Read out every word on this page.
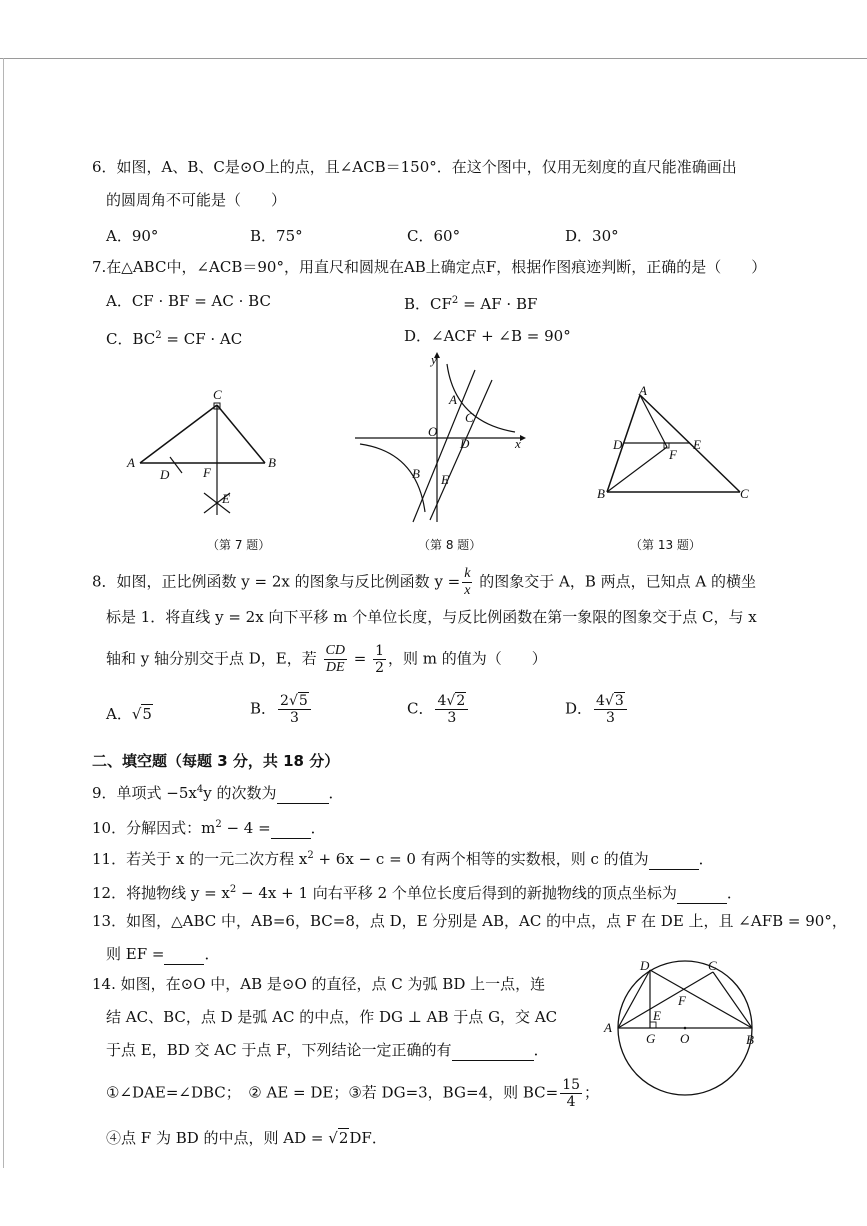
6．如图，A、B、C是⊙O上的点，且∠ACB＝150°．在这个图中，仅用无刻度的直尺能准确画出
的圆周角不可能是（　　）
A．90°	B．75°	C．60°	D．30°
7.在△ABC中，∠ACB＝90°，用直尺和圆规在AB上确定点F，根据作图痕迹判断，正确的是（　　）
A．CF · BF = AC · BC	B．$CF^2$ = AF · BF
C．$BC^2$ = CF · AC	D．∠ACF + ∠B = 90°
C
A
D	F
B
E
（第 7 题）
y
A
C
O
D	x
B E
（第 8 题）
A
D	E
F
B	C
（第 13 题）
8．如图，正比例函数 y = 2x 的图象与反比例函数 $y = \frac{k}{x}$ 的图象交于 A，B 两点，已知点 A 的横坐
标是 1．将直线 y = 2x 向下平移 m 个单位长度，与反比例函数在第一象限的图象交于点 C，与 x
轴和 y 轴分别交于点 D，E，若 $\frac{CD}{DE} = \frac{1}{2}$ ，则 m 的值为（　　）
A．√5	B． $\frac{2√5}{3}$	C． $\frac{4√2}{3}$	D． $\frac{4√3}{3}$
二、填空题（每题 3 分，共 18 分）
9．单项式 $-5x^4y$ 的次数为	．
10．分解因式：$m^2 - 4$ =	．
11．若关于 x 的一元二次方程 $x^2 + 6x - c = 0$ 有两个相等的实数根，则 c 的值为	．
12．将抛物线 $y = x^2 - 4x + 1$ 向右平移 2 个单位长度后得到的新抛物线的顶点坐标为	．
13．如图，△ABC 中，AB=6，BC=8，点 D，E 分别是 AB，AC 的中点，点 F 在 DE 上，且 ∠AFB = 90°，
则 EF =	．
14. 如图，在⊙O 中，AB 是⊙O 的直径，点 C 为弧 BD 上一点，连
结 AC、BC，点 D 是弧 AC 的中点，作 DG ⊥ AB 于点 G，交 AC
于点 E，BD 交 AC 于点 F，下列结论一定正确的有	．
①∠DAE=∠DBC；　② AE = DE；③若 DG=3，BG=4，则 $BC= \frac{15}{4}$ ；
④点 F 为 BD 的中点，则 AD = √2DF．
D	C
F
A
E
G O	B
